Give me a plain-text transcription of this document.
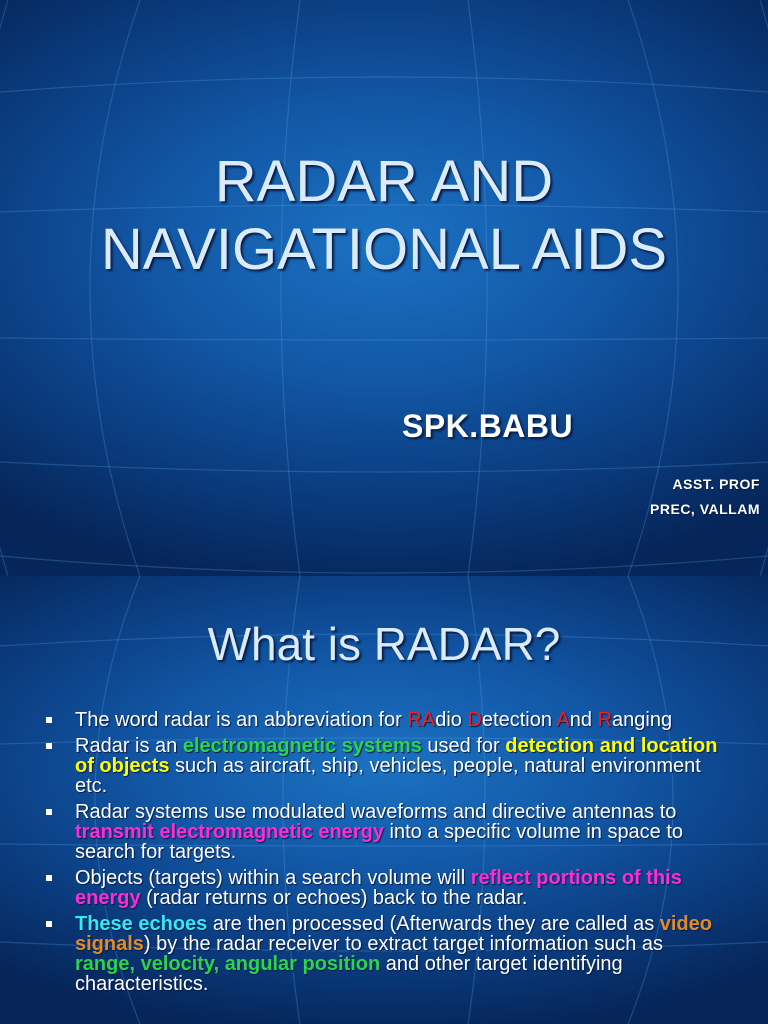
RADAR AND
NAVIGATIONAL AIDS
SPK.BABU
ASST. PROF
PREC, VALLAM
What is RADAR?
The word radar is an abbreviation for RAdio Detection And Ranging
Radar is an electromagnetic systems used for detection and location of objects such as aircraft, ship, vehicles, people, natural environment etc.
Radar systems use modulated waveforms and directive antennas to transmit electromagnetic energy into a specific volume in space to search for targets.
Objects (targets) within a search volume will reflect portions of this energy (radar returns or echoes) back to the radar.
These echoes are then processed (Afterwards they are called as video signals) by the radar receiver to extract target information such as range, velocity, angular position and other target identifying characteristics.
